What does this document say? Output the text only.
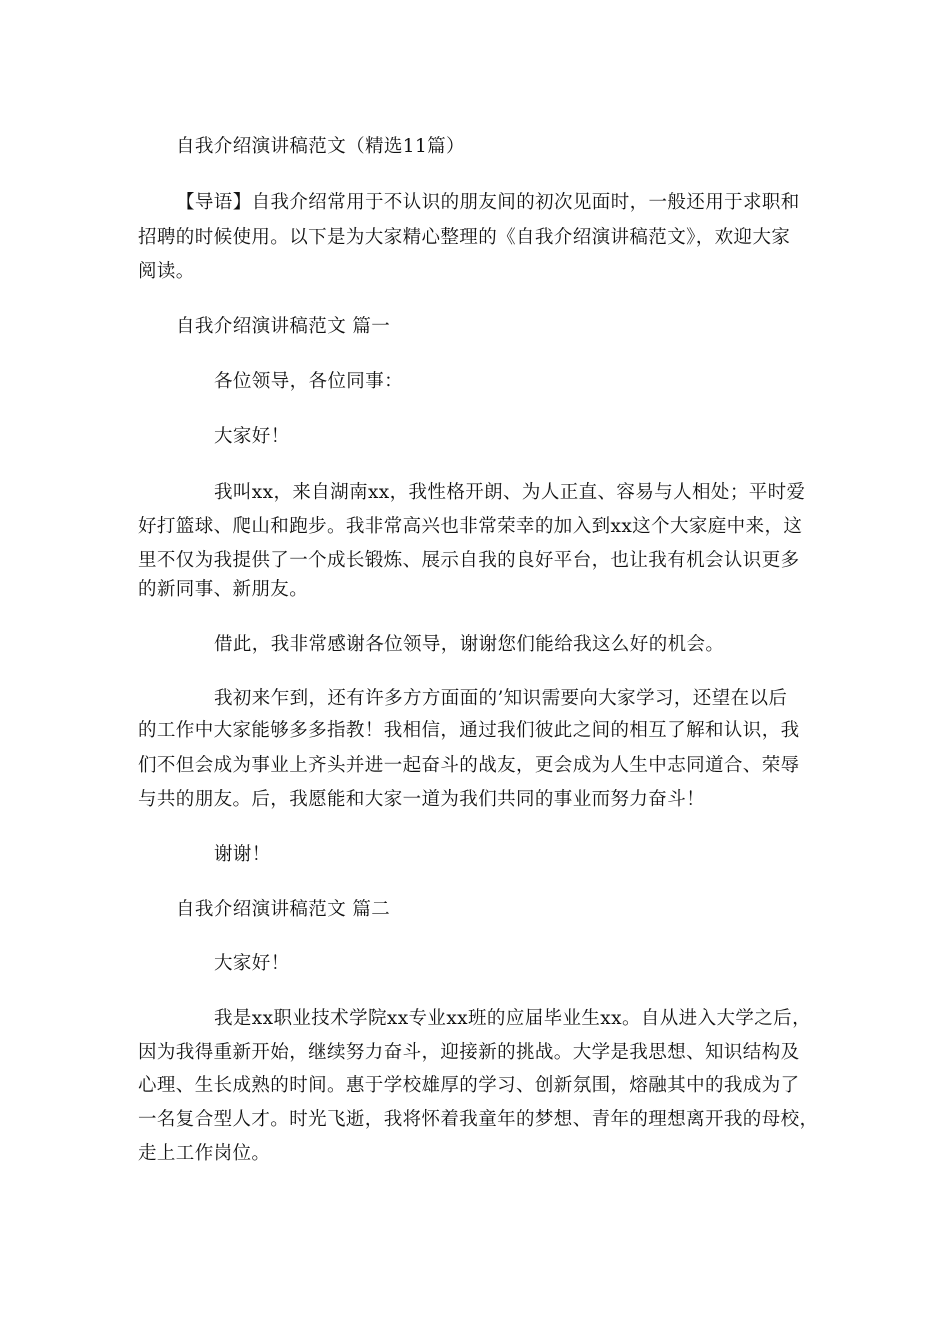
自我介绍演讲稿范文（精选11篇）
【导语】自我介绍常用于不认识的朋友间的初次见面时，一般还用于求职和
招聘的时候使用。以下是为大家精心整理的《自我介绍演讲稿范文》，欢迎大家
阅读。
自我介绍演讲稿范文 篇一
各位领导，各位同事：
大家好！
我叫xx，来自湖南xx，我性格开朗、为人正直、容易与人相处；平时爱
好打篮球、爬山和跑步。我非常高兴也非常荣幸的加入到xx这个大家庭中来，这
里不仅为我提供了一个成长锻炼、展示自我的良好平台，也让我有机会认识更多
的新同事、新朋友。
借此，我非常感谢各位领导，谢谢您们能给我这么好的机会。
我初来乍到，还有许多方方面面的’知识需要向大家学习，还望在以后
的工作中大家能够多多指教！我相信，通过我们彼此之间的相互了解和认识，我
们不但会成为事业上齐头并进一起奋斗的战友，更会成为人生中志同道合、荣辱
与共的朋友。后，我愿能和大家一道为我们共同的事业而努力奋斗！
谢谢！
自我介绍演讲稿范文 篇二
大家好！
我是xx职业技术学院xx专业xx班的应届毕业生xx。自从进入大学之后，
因为我得重新开始，继续努力奋斗，迎接新的挑战。大学是我思想、知识结构及
心理、生长成熟的时间。惠于学校雄厚的学习、创新氛围，熔融其中的我成为了
一名复合型人才。时光飞逝，我将怀着我童年的梦想、青年的理想离开我的母校，
走上工作岗位。
